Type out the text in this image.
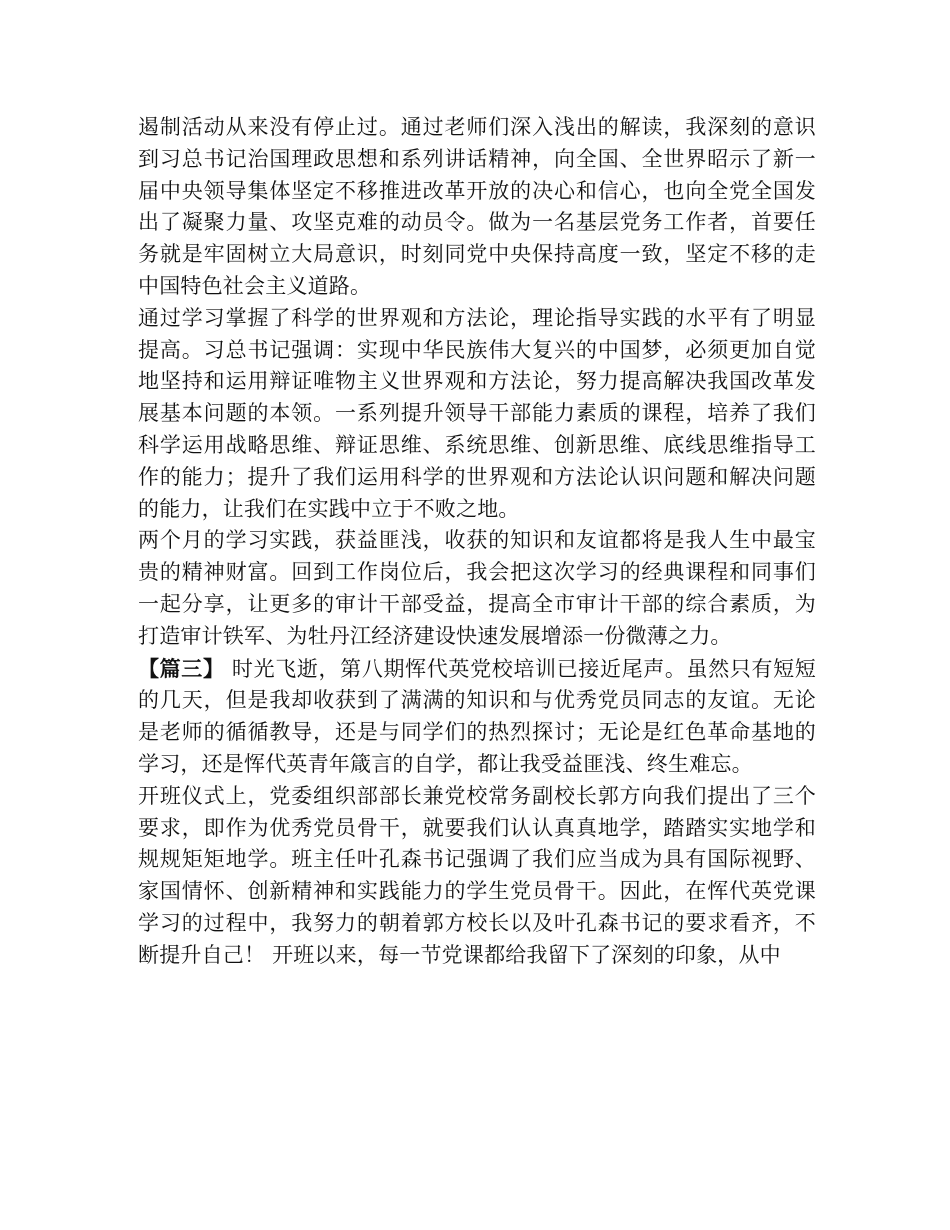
遏制活动从来没有停止过。通过老师们深入浅出的解读，我深刻的意识到习总书记治国理政思想和系列讲话精神，向全国、全世界昭示了新一届中央领导集体坚定不移推进改革开放的决心和信心，也向全党全国发出了凝聚力量、攻坚克难的动员令。做为一名基层党务工作者，首要任务就是牢固树立大局意识，时刻同党中央保持高度一致，坚定不移的走中国特色社会主义道路。

通过学习掌握了科学的世界观和方法论，理论指导实践的水平有了明显提高。习总书记强调：实现中华民族伟大复兴的中国梦，必须更加自觉地坚持和运用辩证唯物主义世界观和方法论，努力提高解决我国改革发展基本问题的本领。一系列提升领导干部能力素质的课程，培养了我们科学运用战略思维、辩证思维、系统思维、创新思维、底线思维指导工作的能力；提升了我们运用科学的世界观和方法论认识问题和解决问题的能力，让我们在实践中立于不败之地。

两个月的学习实践，获益匪浅，收获的知识和友谊都将是我人生中最宝贵的精神财富。回到工作岗位后，我会把这次学习的经典课程和同事们一起分享，让更多的审计干部受益，提高全市审计干部的综合素质，为打造审计铁军、为牡丹江经济建设快速发展增添一份微薄之力。

【篇三】 时光飞逝，第八期恽代英党校培训已接近尾声。虽然只有短短的几天，但是我却收获到了满满的知识和与优秀党员同志的友谊。无论是老师的循循教导，还是与同学们的热烈探讨；无论是红色革命基地的学习，还是恽代英青年箴言的自学，都让我受益匪浅、终生难忘。

开班仪式上，党委组织部部长兼党校常务副校长郭方向我们提出了三个要求，即作为优秀党员骨干，就要我们认认真真地学，踏踏实实地学和规规矩矩地学。班主任叶孔森书记强调了我们应当成为具有国际视野、家国情怀、创新精神和实践能力的学生党员骨干。因此，在恽代英党课学习的过程中，我努力的朝着郭方校长以及叶孔森书记的要求看齐，不断提升自己！ 开班以来，每一节党课都给我留下了深刻的印象，从中
